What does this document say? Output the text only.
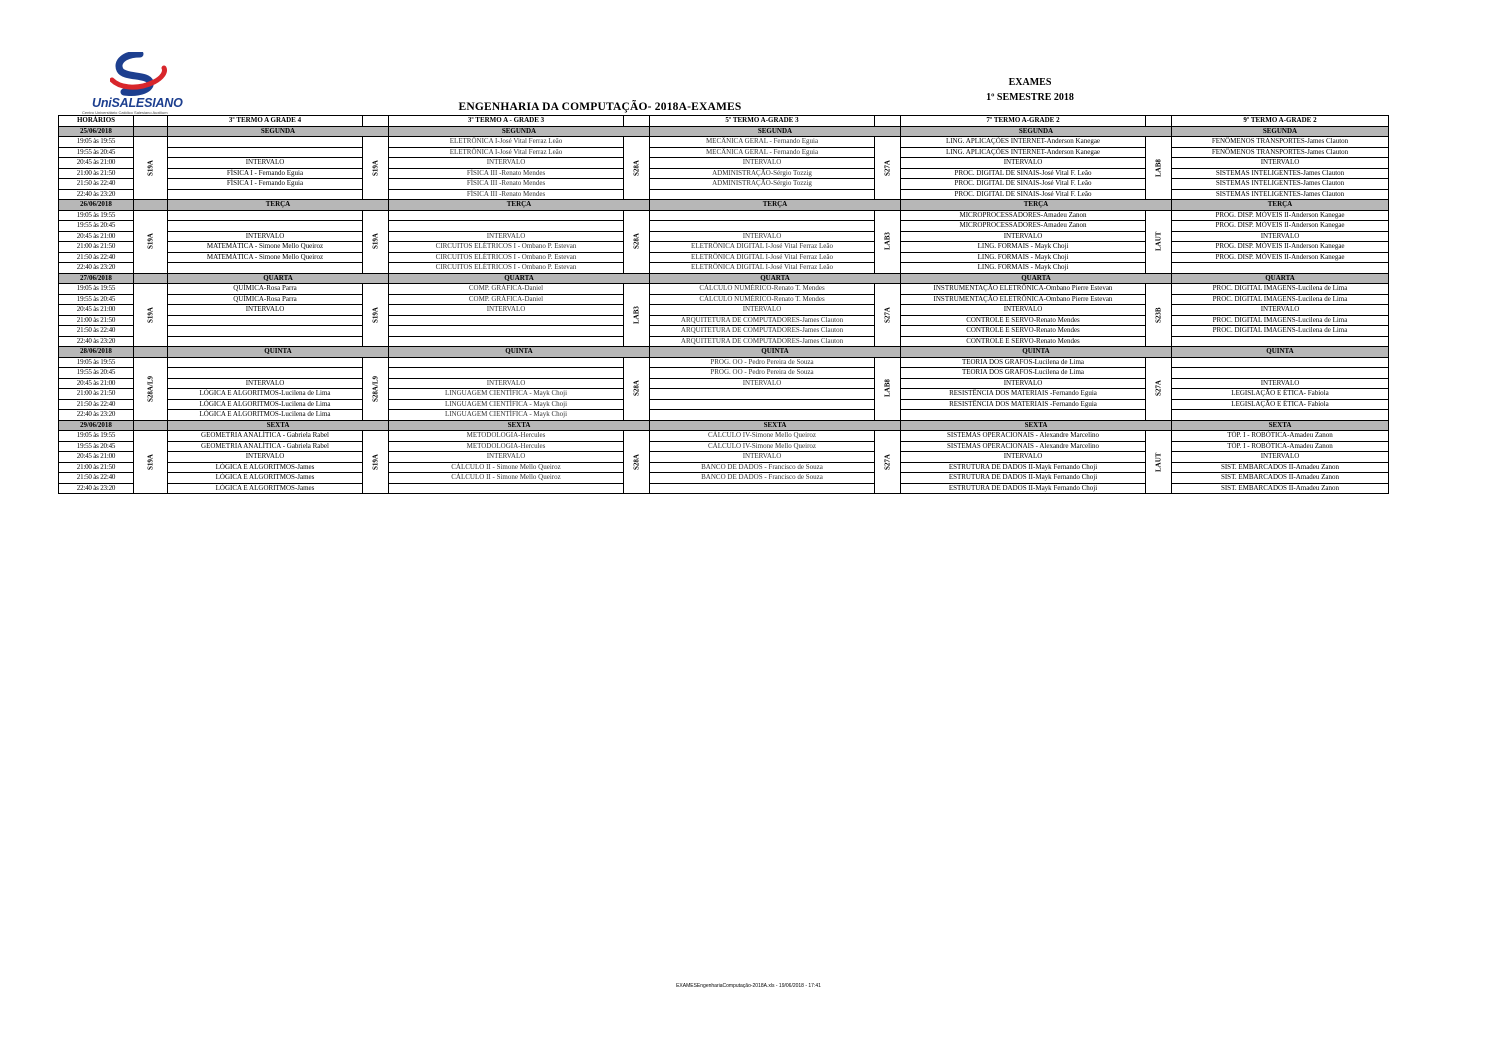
UniSALESIANO
Centro Universitário Católico Salesiano Auxilium
EXAMES
1º SEMESTRE 2018
ENGENHARIA DA COMPUTAÇÃO- 2018A-EXAMES
HORÁRIOS		3º TERMO A GRADE 4		3º TERMO A - GRADE 3		5º TERMO A-GRADE 3		7º TERMO A-GRADE 2		9º TERMO A-GRADE 2
25/06/2018		SEGUNDA		SEGUNDA		SEGUNDA		SEGUNDA		SEGUNDA
19:05 às 19:55	S19A		S19A	ELETRÔNICA I-José Vital Ferraz Leão	S28A	MECÂNICA GERAL - Fernando Eguia	S27A	LING. APLICAÇÕES INTERNET-Anderson Kanegae	LAB8	FENÔMENOS TRANSPORTES-James Clauton
19:55 às 20:45				ELETRÔNICA I-José Vital Ferraz Leão		MECÂNICA GERAL - Fernando Eguia		LING. APLICAÇÕES INTERNET-Anderson Kanegae		FENÔMENOS TRANSPORTES-James Clauton
20:45 às 21:00		INTERVALO		INTERVALO		INTERVALO		INTERVALO		INTERVALO
21:00 às 21:50		FÍSICA I - Fernando Eguia		FÍSICA III -Renato Mendes		ADMINISTRAÇÃO-Sérgio Tozzig		PROC. DIGITAL DE SINAIS-José Vital F. Leão		SISTEMAS INTELIGENTES-James Clauton
21:50 às 22:40		FÍSICA I - Fernando Eguia		FÍSICA III -Renato Mendes		ADMINISTRAÇÃO-Sérgio Tozzig		PROC. DIGITAL DE SINAIS-José Vital F. Leão		SISTEMAS INTELIGENTES-James Clauton
22:40 às 23:20				FÍSICA III -Renato Mendes				PROC. DIGITAL DE SINAIS-José Vital F. Leão		SISTEMAS INTELIGENTES-James Clauton
26/06/2018		TERÇA		TERÇA		TERÇA		TERÇA		TERÇA
19:05 às 19:55	S19A		S19A		S28A		LAB3	MICROPROCESSADORES-Amadeu Zanon	LAUT	PROG. DISP. MÓVEIS II-Anderson Kanegae
19:55 às 20:45								MICROPROCESSADORES-Amadeu Zanon		PROG. DISP. MÓVEIS II-Anderson Kanegae
20:45 às 21:00		INTERVALO		INTERVALO		INTERVALO		INTERVALO		INTERVALO
21:00 às 21:50		MATEMÁTICA - Simone Mello Queiroz		CIRCUITOS ELÉTRICOS I - Ombano P. Estevan		ELETRÔNICA DIGITAL I-José Vital Ferraz Leão		LING. FORMAIS - Mayk Choji		PROG. DISP. MÓVEIS II-Anderson Kanegae
21:50 às 22:40		MATEMÁTICA - Simone Mello Queiroz		CIRCUITOS ELÉTRICOS I - Ombano P. Estevan		ELETRÔNICA DIGITAL I-José Vital Ferraz Leão		LING. FORMAIS - Mayk Choji		PROG. DISP. MÓVEIS II-Anderson Kanegae
22:40 às 23:20				CIRCUITOS ELÉTRICOS I - Ombano P. Estevan		ELETRÔNICA DIGITAL I-José Vital Ferraz Leão		LING. FORMAIS - Mayk Choji		
27/06/2018		QUARTA		QUARTA		QUARTA		QUARTA		QUARTA
19:05 às 19:55	S19A	QUÍMICA-Rosa Parra	S19A	COMP. GRÁFICA-Daniel	LAB3	CÁLCULO NUMÉRICO-Renato T. Mendes	S27A	INSTRUMENTAÇÃO ELETRÔNICA-Ombano Pierre Estevan	S23B	PROC. DIGITAL IMAGENS-Lucilena de Lima
19:55 às 20:45		QUÍMICA-Rosa Parra		COMP. GRÁFICA-Daniel		CÁLCULO NUMÉRICO-Renato T. Mendes		INSTRUMENTAÇÃO ELETRÔNICA-Ombano Pierre Estevan		PROC. DIGITAL IMAGENS-Lucilena de Lima
20:45 às 21:00		INTERVALO		INTERVALO		INTERVALO		INTERVALO		INTERVALO
21:00 às 21:50						ARQUITETURA DE COMPUTADORES-James Clauton		CONTROLE E SERVO-Renato Mendes		PROC. DIGITAL IMAGENS-Lucilena de Lima
21:50 às 22:40						ARQUITETURA DE COMPUTADORES-James Clauton		CONTROLE E SERVO-Renato Mendes		PROC. DIGITAL IMAGENS-Lucilena de Lima
22:40 às 23:20						ARQUITETURA DE COMPUTADORES-James Clauton		CONTROLE E SERVO-Renato Mendes		
28/06/2018		QUINTA		QUINTA		QUINTA		QUINTA		QUINTA
19:05 às 19:55	S28A/L9		S28A/L9		S28A	PROG. OO - Pedro Pereira de Souza	LAB8	TEORIA DOS GRAFOS-Lucilena de Lima	S27A	
19:55 às 20:45						PROG. OO - Pedro Pereira de Souza		TEORIA DOS GRAFOS-Lucilena de Lima		
20:45 às 21:00		INTERVALO		INTERVALO		INTERVALO		INTERVALO		INTERVALO
21:00 às 21:50		LÓGICA E ALGORITMOS-Lucilena de Lima		LINGUAGEM CIENTÍFICA - Mayk Choji				RESISTÊNCIA DOS MATERIAIS -Fernando Eguia		LEGISLAÇÃO E ÉTICA- Fabíola
21:50 às 22:40		LÓGICA E ALGORITMOS-Lucilena de Lima		LINGUAGEM CIENTÍFICA - Mayk Choji				RESISTÊNCIA DOS MATERIAIS -Fernando Eguia		LEGISLAÇÃO E ÉTICA- Fabíola
22:40 às 23:20		LÓGICA E ALGORITMOS-Lucilena de Lima		LINGUAGEM CIENTÍFICA - Mayk Choji						
29/06/2018		SEXTA		SEXTA		SEXTA		SEXTA		SEXTA
19:05 às 19:55	S19A	GEOMETRIA ANALÍTICA - Gabriela Rabel	S19A	METODOLOGIA-Hercules	S28A	CÁLCULO IV-Simone Mello Queiroz	S27A	SISTEMAS OPERACIONAIS - Alexandre Marcelino	LAUT	TÓP. I - ROBÓTICA-Amadeu Zanon
19:55 às 20:45		GEOMETRIA ANALÍTICA - Gabriela Rabel		METODOLOGIA-Hercules		CÁLCULO IV-Simone Mello Queiroz		SISTEMAS OPERACIONAIS - Alexandre Marcelino		TÓP. I - ROBÓTICA-Amadeu Zanon
20:45 às 21:00		INTERVALO		INTERVALO		INTERVALO		INTERVALO		INTERVALO
21:00 às 21:50		LÓGICA E ALGORITMOS-James		CÁLCULO II - Simone Mello Queiroz		BANCO DE DADOS - Francisco de Souza		ESTRUTURA DE DADOS II-Mayk Fernando Choji		SIST. EMBARCADOS II-Amadeu Zanon
21:50 às 22:40		LÓGICA E ALGORITMOS-James		CÁLCULO II - Simone Mello Queiroz		BANCO DE DADOS - Francisco de Souza		ESTRUTURA DE DADOS II-Mayk Fernando Choji		SIST. EMBARCADOS II-Amadeu Zanon
22:40 às 23:20		LÓGICA E ALGORITMOS-James						ESTRUTURA DE DADOS II-Mayk Fernando Choji		SIST. EMBARCADOS II-Amadeu Zanon
EXAMESEngenhariaComputação-2018A.xls - 19/06/2018 - 17:41
